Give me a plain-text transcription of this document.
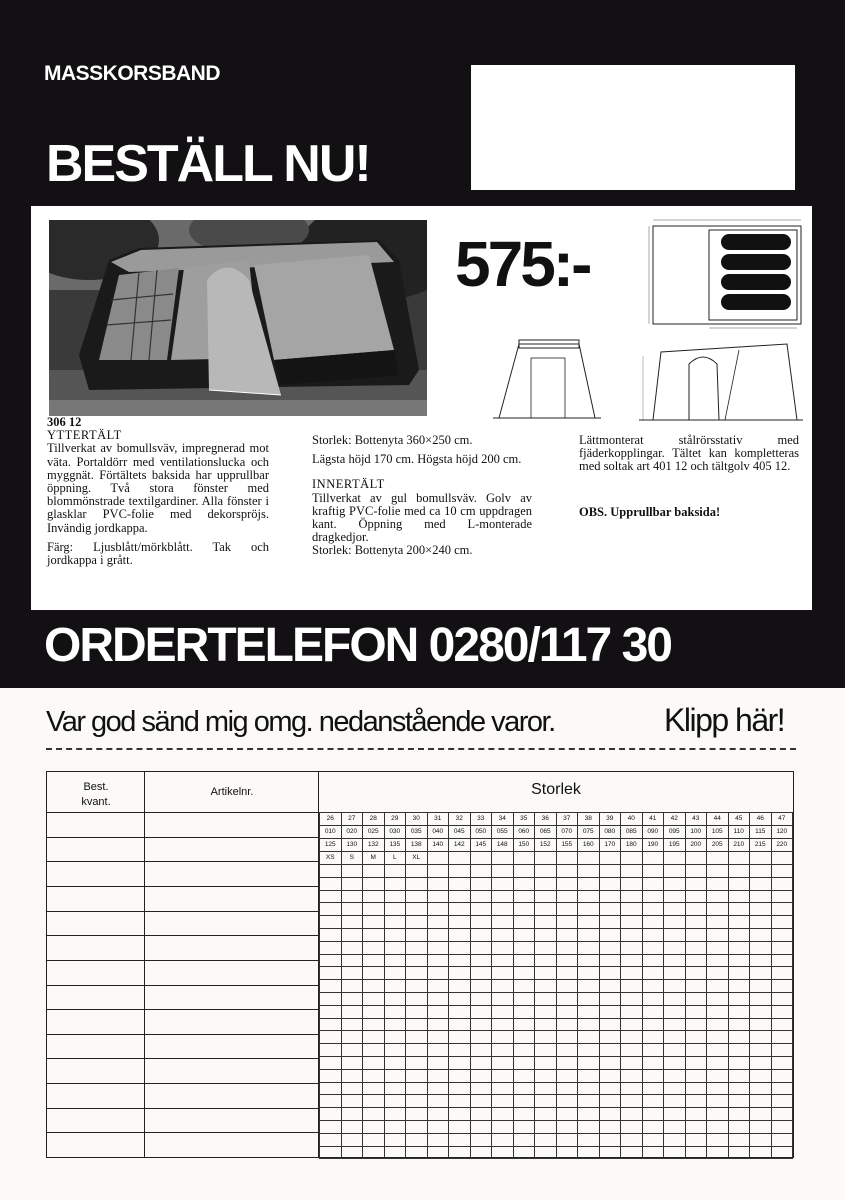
MASSKORSBAND
BESTÄLL NU!
575:-
306 12
YTTERTÄLT
Tillverkat av bomullsväv, impregnerad mot väta. Portaldörr med ventilationslucka och myggnät. Förtältets baksida har upprullbar öppning. Två stora fönster med blommönstrade textilgardiner. Alla fönster i glasklar PVC-folie med dekorspröjs. Invändig jordkappa.
Färg: Ljusblått/mörkblått. Tak och jordkappa i grått.

Storlek: Bottenyta 360×250 cm.

Lägsta höjd 170 cm. Högsta höjd 200 cm.

INNERTÄLT

Tillverkat av gul bomullsväv. Golv av kraftig PVC-folie med ca 10 cm uppdragen kant. Öppning med L-monterade dragkedjor.

Storlek: Bottenyta 200×240 cm.

Lättmonterat stålrörsstativ med fjäderkopplingar. Tältet kan kompletteras med soltak art 401 12 och tältgolv 405 12.

OBS. Upprullbar baksida!

ORDERTELEFON 0280/117 30
Var god sänd mig omg. nedanstående varor.	Klipp här!
Best.
kvant.
Artikelnr.	Storlek
26	27	28	29	30	31	32	33	34	35	36	37	38	39	40	41	42	43	44	45	46	47
010	020	025	030	035	040	045	050	055	060	065	070	075	080	085	090	095	100	105	110	115	120
125	130	132	135	138	140	142	145	148	150	152	155	160	170	180	190	195	200	205	210	215	220
XS	S	M	L	XL																	
